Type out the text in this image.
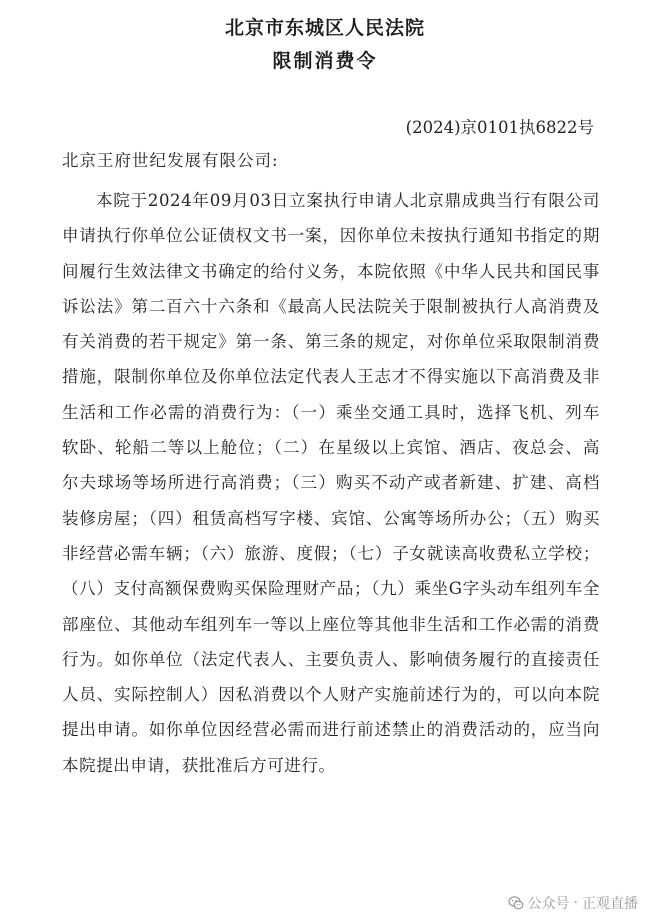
北京市东城区人民法院
限制消费令
(2024)京0101执6822号
北京王府世纪发展有限公司:

本院于2024年09月03日立案执行申请人北京鼎成典当行有限公司申请执行你单位公证债权文书一案，因你单位未按执行通知书指定的期间履行生效法律文书确定的给付义务，本院依照《中华人民共和国民事诉讼法》第二百六十六条和《最高人民法院关于限制被执行人高消费及有关消费的若干规定》第一条、第三条的规定，对你单位采取限制消费措施，限制你单位及你单位法定代表人王志才不得实施以下高消费及非生活和工作必需的消费行为：（一）乘坐交通工具时，选择飞机、列车软卧、轮船二等以上舱位；（二）在星级以上宾馆、酒店、夜总会、高尔夫球场等场所进行高消费；（三）购买不动产或者新建、扩建、高档装修房屋；（四）租赁高档写字楼、宾馆、公寓等场所办公；（五）购买非经营必需车辆；（六）旅游、度假；（七）子女就读高收费私立学校；（八）支付高额保费购买保险理财产品；（九）乘坐G字头动车组列车全部座位、其他动车组列车一等以上座位等其他非生活和工作必需的消费行为。如你单位（法定代表人、主要负责人、影响债务履行的直接责任人员、实际控制人）因私消费以个人财产实施前述行为的，可以向本院提出申请。如你单位因经营必需而进行前述禁止的消费活动的，应当向本院提出申请，获批准后方可进行。

公众号 · 正观直播
